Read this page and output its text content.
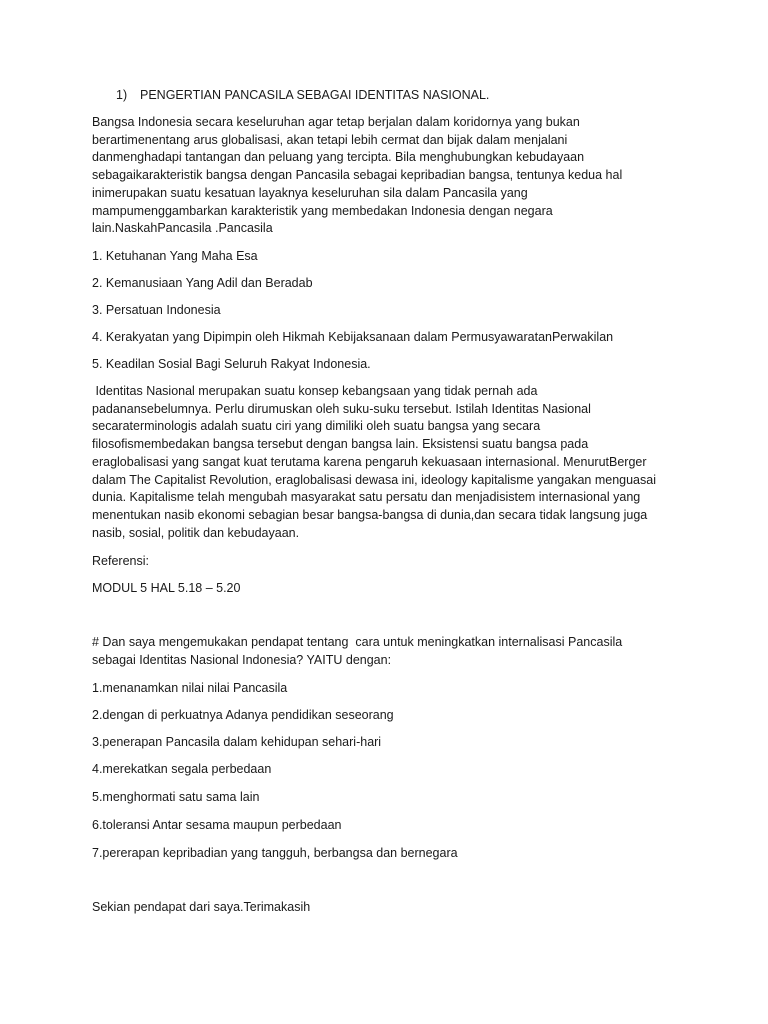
1) PENGERTIAN PANCASILA SEBAGAI IDENTITAS NASIONAL.
Bangsa Indonesia secara keseluruhan agar tetap berjalan dalam koridornya yang bukan
berartimenentang arus globalisasi, akan tetapi lebih cermat dan bijak dalam menjalani
danmenghadapi tantangan dan peluang yang tercipta. Bila menghubungkan kebudayaan
sebagaikarakteristik bangsa dengan Pancasila sebagai kepribadian bangsa, tentunya kedua hal
inimerupakan suatu kesatuan layaknya keseluruhan sila dalam Pancasila yang
mampumenggambarkan karakteristik yang membedakan Indonesia dengan negara
lain.NaskahPancasila .Pancasila
1. Ketuhanan Yang Maha Esa
2. Kemanusiaan Yang Adil dan Beradab
3. Persatuan Indonesia
4. Kerakyatan yang Dipimpin oleh Hikmah Kebijaksanaan dalam PermusyawaratanPerwakilan
5. Keadilan Sosial Bagi Seluruh Rakyat Indonesia.
Identitas Nasional merupakan suatu konsep kebangsaan yang tidak pernah ada
padanansebelumnya. Perlu dirumuskan oleh suku-suku tersebut. Istilah Identitas Nasional
secaraterminologis adalah suatu ciri yang dimiliki oleh suatu bangsa yang secara
filosofismembedakan bangsa tersebut dengan bangsa lain. Eksistensi suatu bangsa pada
eraglobalisasi yang sangat kuat terutama karena pengaruh kekuasaan internasional. MenurutBerger
dalam The Capitalist Revolution, eraglobalisasi dewasa ini, ideology kapitalisme yangakan menguasai
dunia. Kapitalisme telah mengubah masyarakat satu persatu dan menjadisistem internasional yang
menentukan nasib ekonomi sebagian besar bangsa-bangsa di dunia,dan secara tidak langsung juga
nasib, sosial, politik dan kebudayaan.
Referensi:
MODUL 5 HAL 5.18 – 5.20
# Dan saya mengemukakan pendapat tentang  cara untuk meningkatkan internalisasi Pancasila
sebagai Identitas Nasional Indonesia? YAITU dengan:
1.menanamkan nilai nilai Pancasila
2.dengan di perkuatnya Adanya pendidikan seseorang
3.penerapan Pancasila dalam kehidupan sehari-hari
4.merekatkan segala perbedaan
5.menghormati satu sama lain
6.toleransi Antar sesama maupun perbedaan
7.pererapan kepribadian yang tangguh, berbangsa dan bernegara
Sekian pendapat dari saya.Terimakasih
